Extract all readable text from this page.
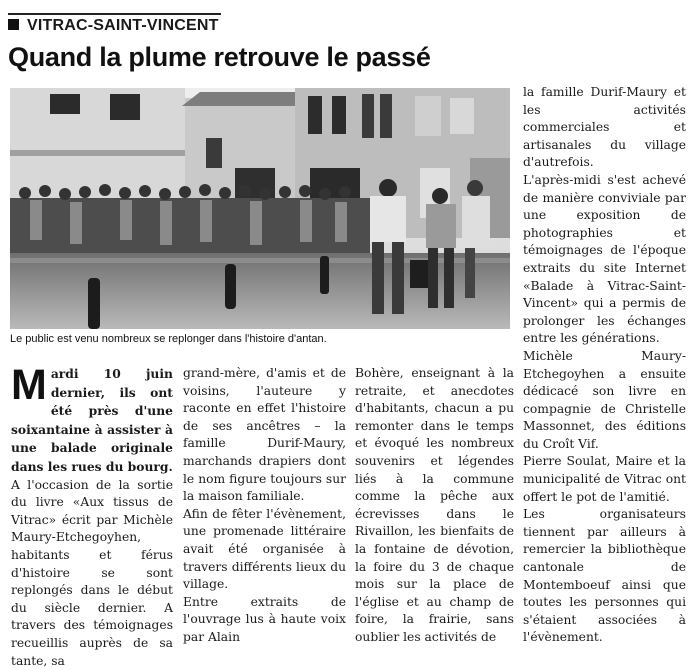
VITRAC-SAINT-VINCENT
Quand la plume retrouve le passé
Le public est venu nombreux se replonger dans l'histoire d'antan.

Mardi 10 juin dernier, ils ont été près d'une soixantaine à assister à une balade originale dans les rues du bourg.

A l'occasion de la sortie du livre «Aux tissus de Vitrac» écrit par Michèle Maury-Etchegoyhen, habitants et férus d'histoire se sont replongés dans le début du siècle dernier. A travers des témoignages recueillis auprès de sa tante, sa

grand-mère, d'amis et de voisins, l'auteure y raconte en effet l'histoire de ses ancêtres – la famille Durif-Maury, marchands drapiers dont le nom figure toujours sur la maison familiale.

Afin de fêter l'évènement, une promenade littéraire avait été organisée à travers différents lieux du village.

Entre extraits de l'ouvrage lus à haute voix par Alain

Bohère, enseignant à la retraite, et anecdotes d'habitants, chacun a pu remonter dans le temps et évoqué les nombreux souvenirs et légendes liés à la commune comme la pêche aux écrevisses dans le Rivaillon, les bienfaits de la fontaine de dévotion, la foire du 3 de chaque mois sur la place de l'église et au champ de foire, la frairie, sans oublier les activités de

la famille Durif-Maury et les activités commerciales et artisanales du village d'autrefois.

L'après-midi s'est achevé de manière conviviale par une exposition de photographies et témoignages de l'époque extraits du site Internet «Balade à Vitrac-Saint-Vincent» qui a permis de prolonger les échanges entre les générations.

Michèle Maury-Etchegoyhen a ensuite dédicacé son livre en compagnie de Christelle Massonnet, des éditions du Croît Vif.

Pierre Soulat, Maire et la municipalité de Vitrac ont offert le pot de l'amitié.

Les organisateurs tiennent par ailleurs à remercier la bibliothèque cantonale de Montemboeuf ainsi que toutes les personnes qui s'étaient associées à l'évènement.
